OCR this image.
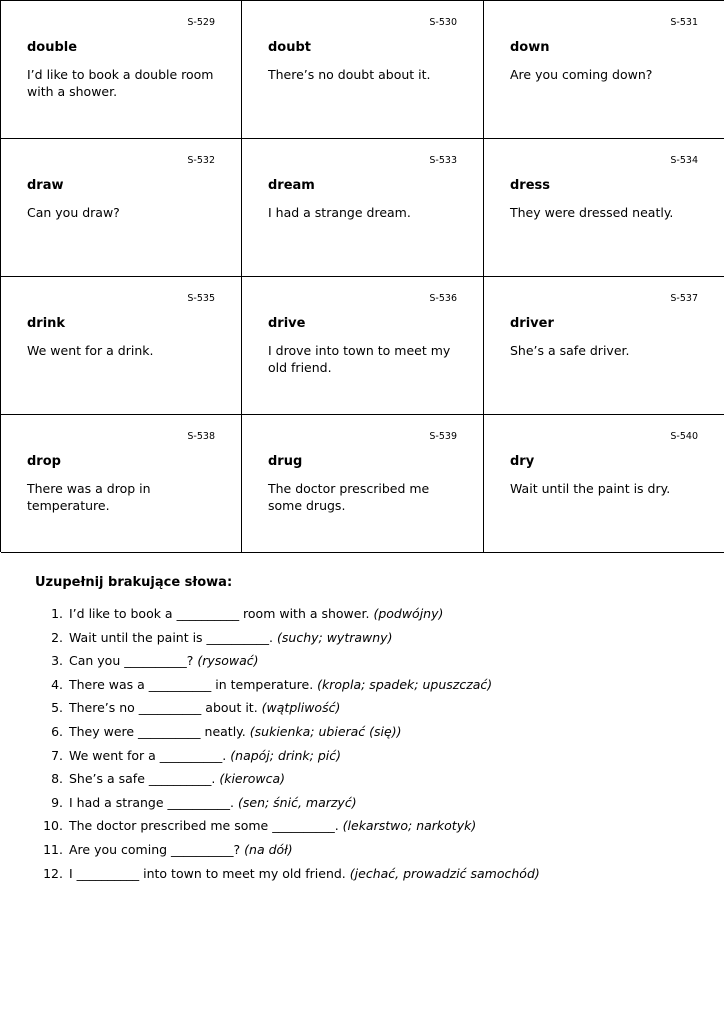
S-529
double
I’d like to book a double room with a shower.
S-530
doubt
There’s no doubt about it.
S-531
down
Are you coming down?
S-532
draw
Can you draw?
S-533
dream
I had a strange dream.
S-534
dress
They were dressed neatly.
S-535
drink
We went for a drink.
S-536
drive
I drove into town to meet my old friend.
S-537
driver
She’s a safe driver.
S-538
drop
There was a drop in temperature.
S-539
drug
The doctor prescribed me some drugs.
S-540
dry
Wait until the paint is dry.
Uzupełnij brakujące słowa:
1. I’d like to book a __________ room with a shower. (podwójny)
2. Wait until the paint is __________. (suchy; wytrawny)
3. Can you __________? (rysować)
4. There was a __________ in temperature. (kropla; spadek; upuszczać)
5. There’s no __________ about it. (wątpliwość)
6. They were __________ neatly. (sukienka; ubierać (się))
7. We went for a __________. (napój; drink; pić)
8. She’s a safe __________. (kierowca)
9. I had a strange __________. (sen; śnić, marzyć)
10. The doctor prescribed me some __________. (lekarstwo; narkotyk)
11. Are you coming __________? (na dół)
12. I __________ into town to meet my old friend. (jechać, prowadzić samochód)
